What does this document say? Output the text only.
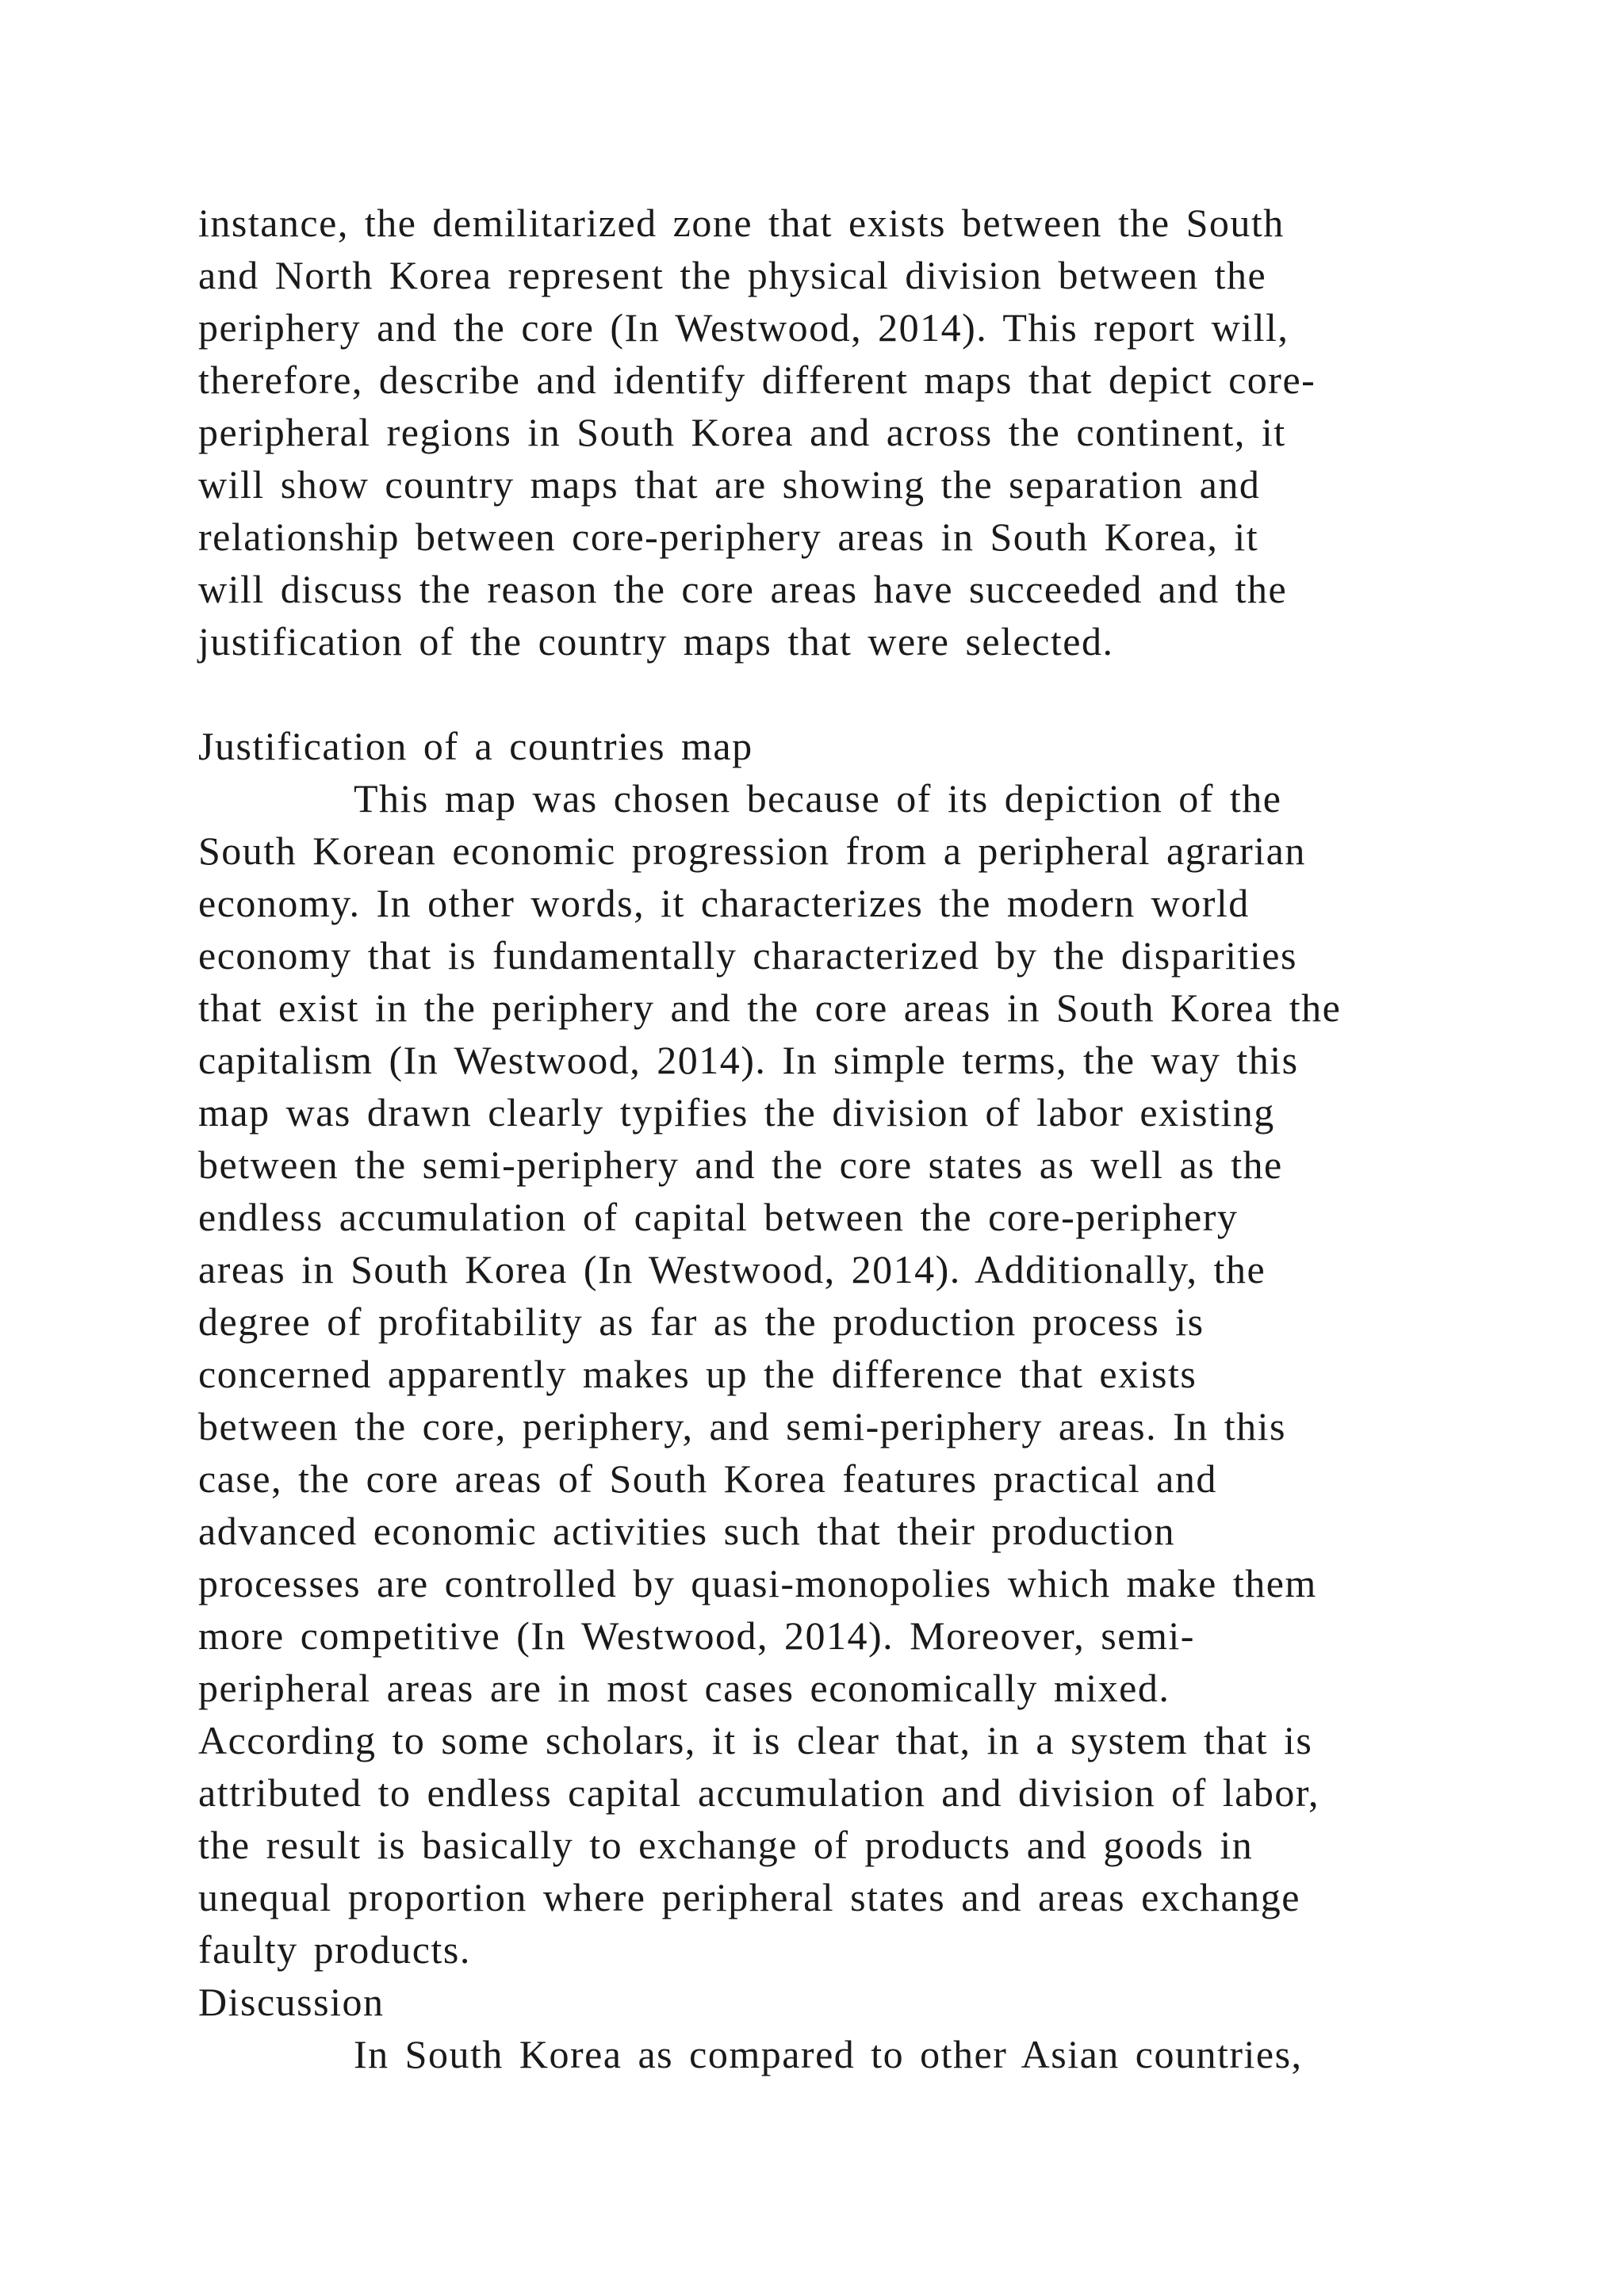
instance, the demilitarized zone that exists between the South
and North Korea represent the physical division between the
periphery and the core (In Westwood, 2014). This report will,
therefore, describe and identify different maps that depict core-
peripheral regions in South Korea and across the continent, it
will show country maps that are showing the separation and
relationship between core-periphery areas in South Korea, it
will discuss the reason the core areas have succeeded and the
justification of the country maps that were selected.
Justification of a countries map
This map was chosen because of its depiction of the
South Korean economic progression from a peripheral agrarian
economy. In other words, it characterizes the modern world
economy that is fundamentally characterized by the disparities
that exist in the periphery and the core areas in South Korea the
capitalism (In Westwood, 2014). In simple terms, the way this
map was drawn clearly typifies the division of labor existing
between the semi-periphery and the core states as well as the
endless accumulation of capital between the core-periphery
areas in South Korea (In Westwood, 2014). Additionally, the
degree of profitability as far as the production process is
concerned apparently makes up the difference that exists
between the core, periphery, and semi-periphery areas. In this
case, the core areas of South Korea features practical and
advanced economic activities such that their production
processes are controlled by quasi-monopolies which make them
more competitive (In Westwood, 2014). Moreover, semi-
peripheral areas are in most cases economically mixed.
According to some scholars, it is clear that, in a system that is
attributed to endless capital accumulation and division of labor,
the result is basically to exchange of products and goods in
unequal proportion where peripheral states and areas exchange
faulty products.
Discussion
In South Korea as compared to other Asian countries,
